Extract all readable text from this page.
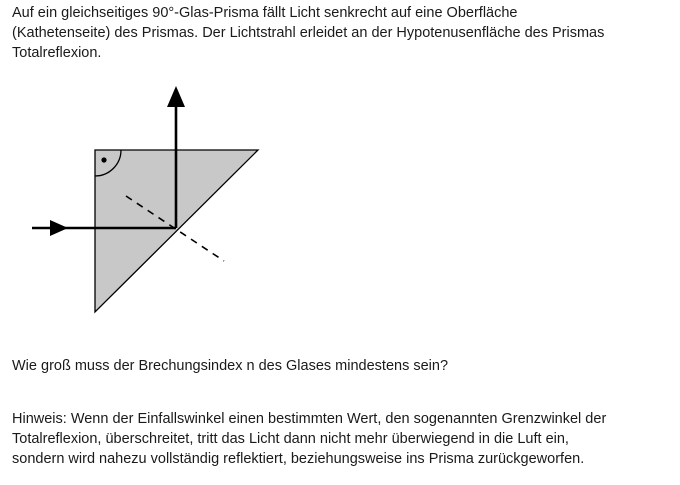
Auf ein gleichseitiges 90°-Glas-Prisma fällt Licht senkrecht auf eine Oberfläche
(Kathetenseite) des Prismas. Der Lichtstrahl erleidet an der Hypotenusenfläche des Prismas
Totalreflexion.

Wie groß muss der Brechungsindex n des Glases mindestens sein?

Hinweis: Wenn der Einfallswinkel einen bestimmten Wert, den sogenannten Grenzwinkel der
Totalreflexion, überschreitet, tritt das Licht dann nicht mehr überwiegend in die Luft ein,
sondern wird nahezu vollständig reflektiert, beziehungsweise ins Prisma zurückgeworfen.
